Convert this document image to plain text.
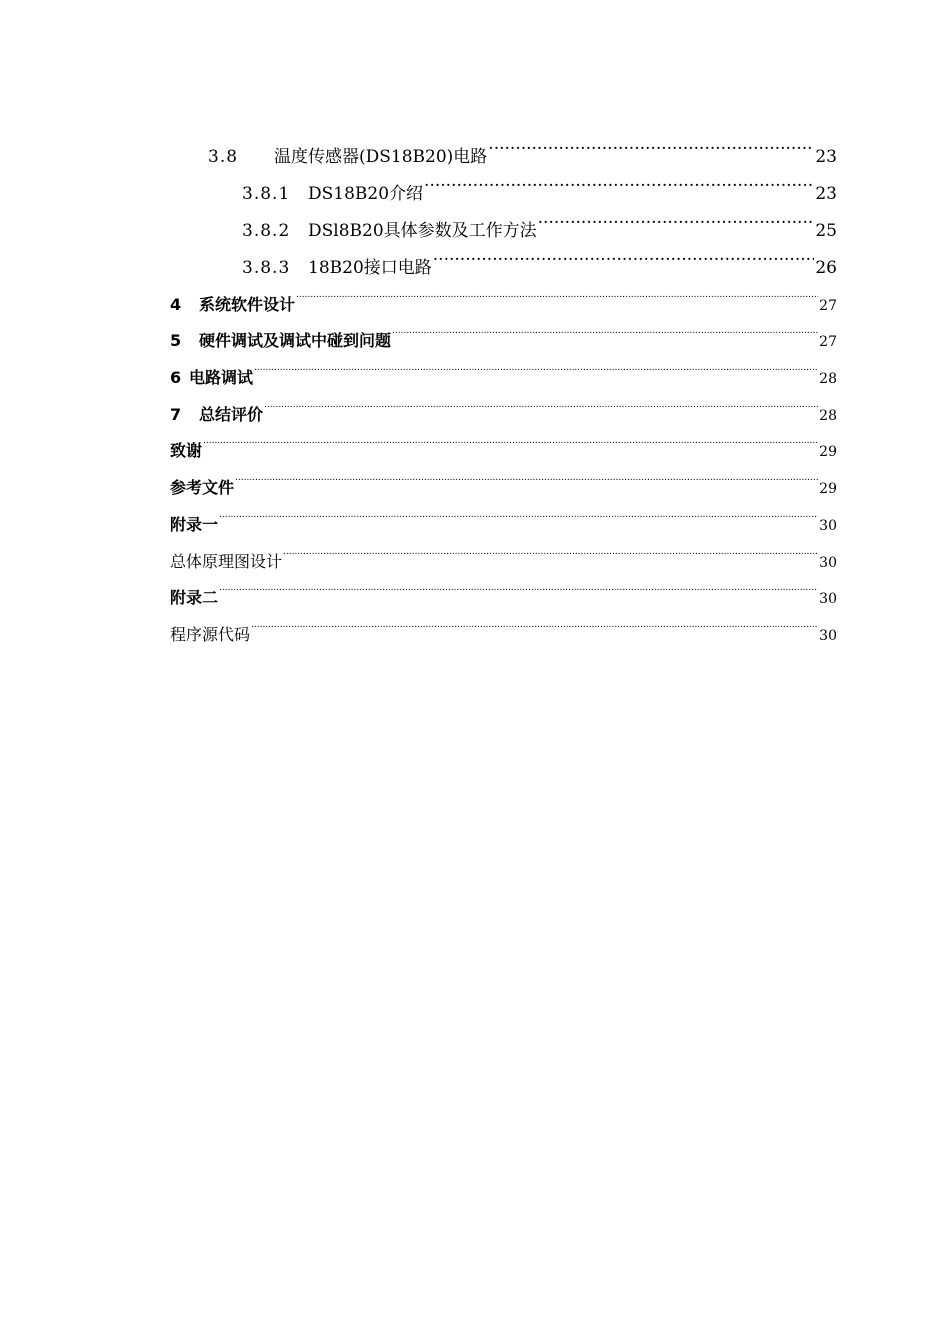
3.8 温度传感器(DS18B20)电路 .....	23
3.8.1 DS18B20介绍 .....	23
3.8.2 DSl8B20具体参数及工作方法 .....	25
3.8.3 18B20接口电路 .....	26
4 系统软件设计 .....	27
5 硬件调试及调试中碰到问题 .....	27
6 电路调试 .....	28
7 总结评价 .....	28
致谢 .....	29
参考文件 .....	29
附录一 .....	30
总体原理图设计 .....	30
附录二 .....	30
程序源代码 .....	30
